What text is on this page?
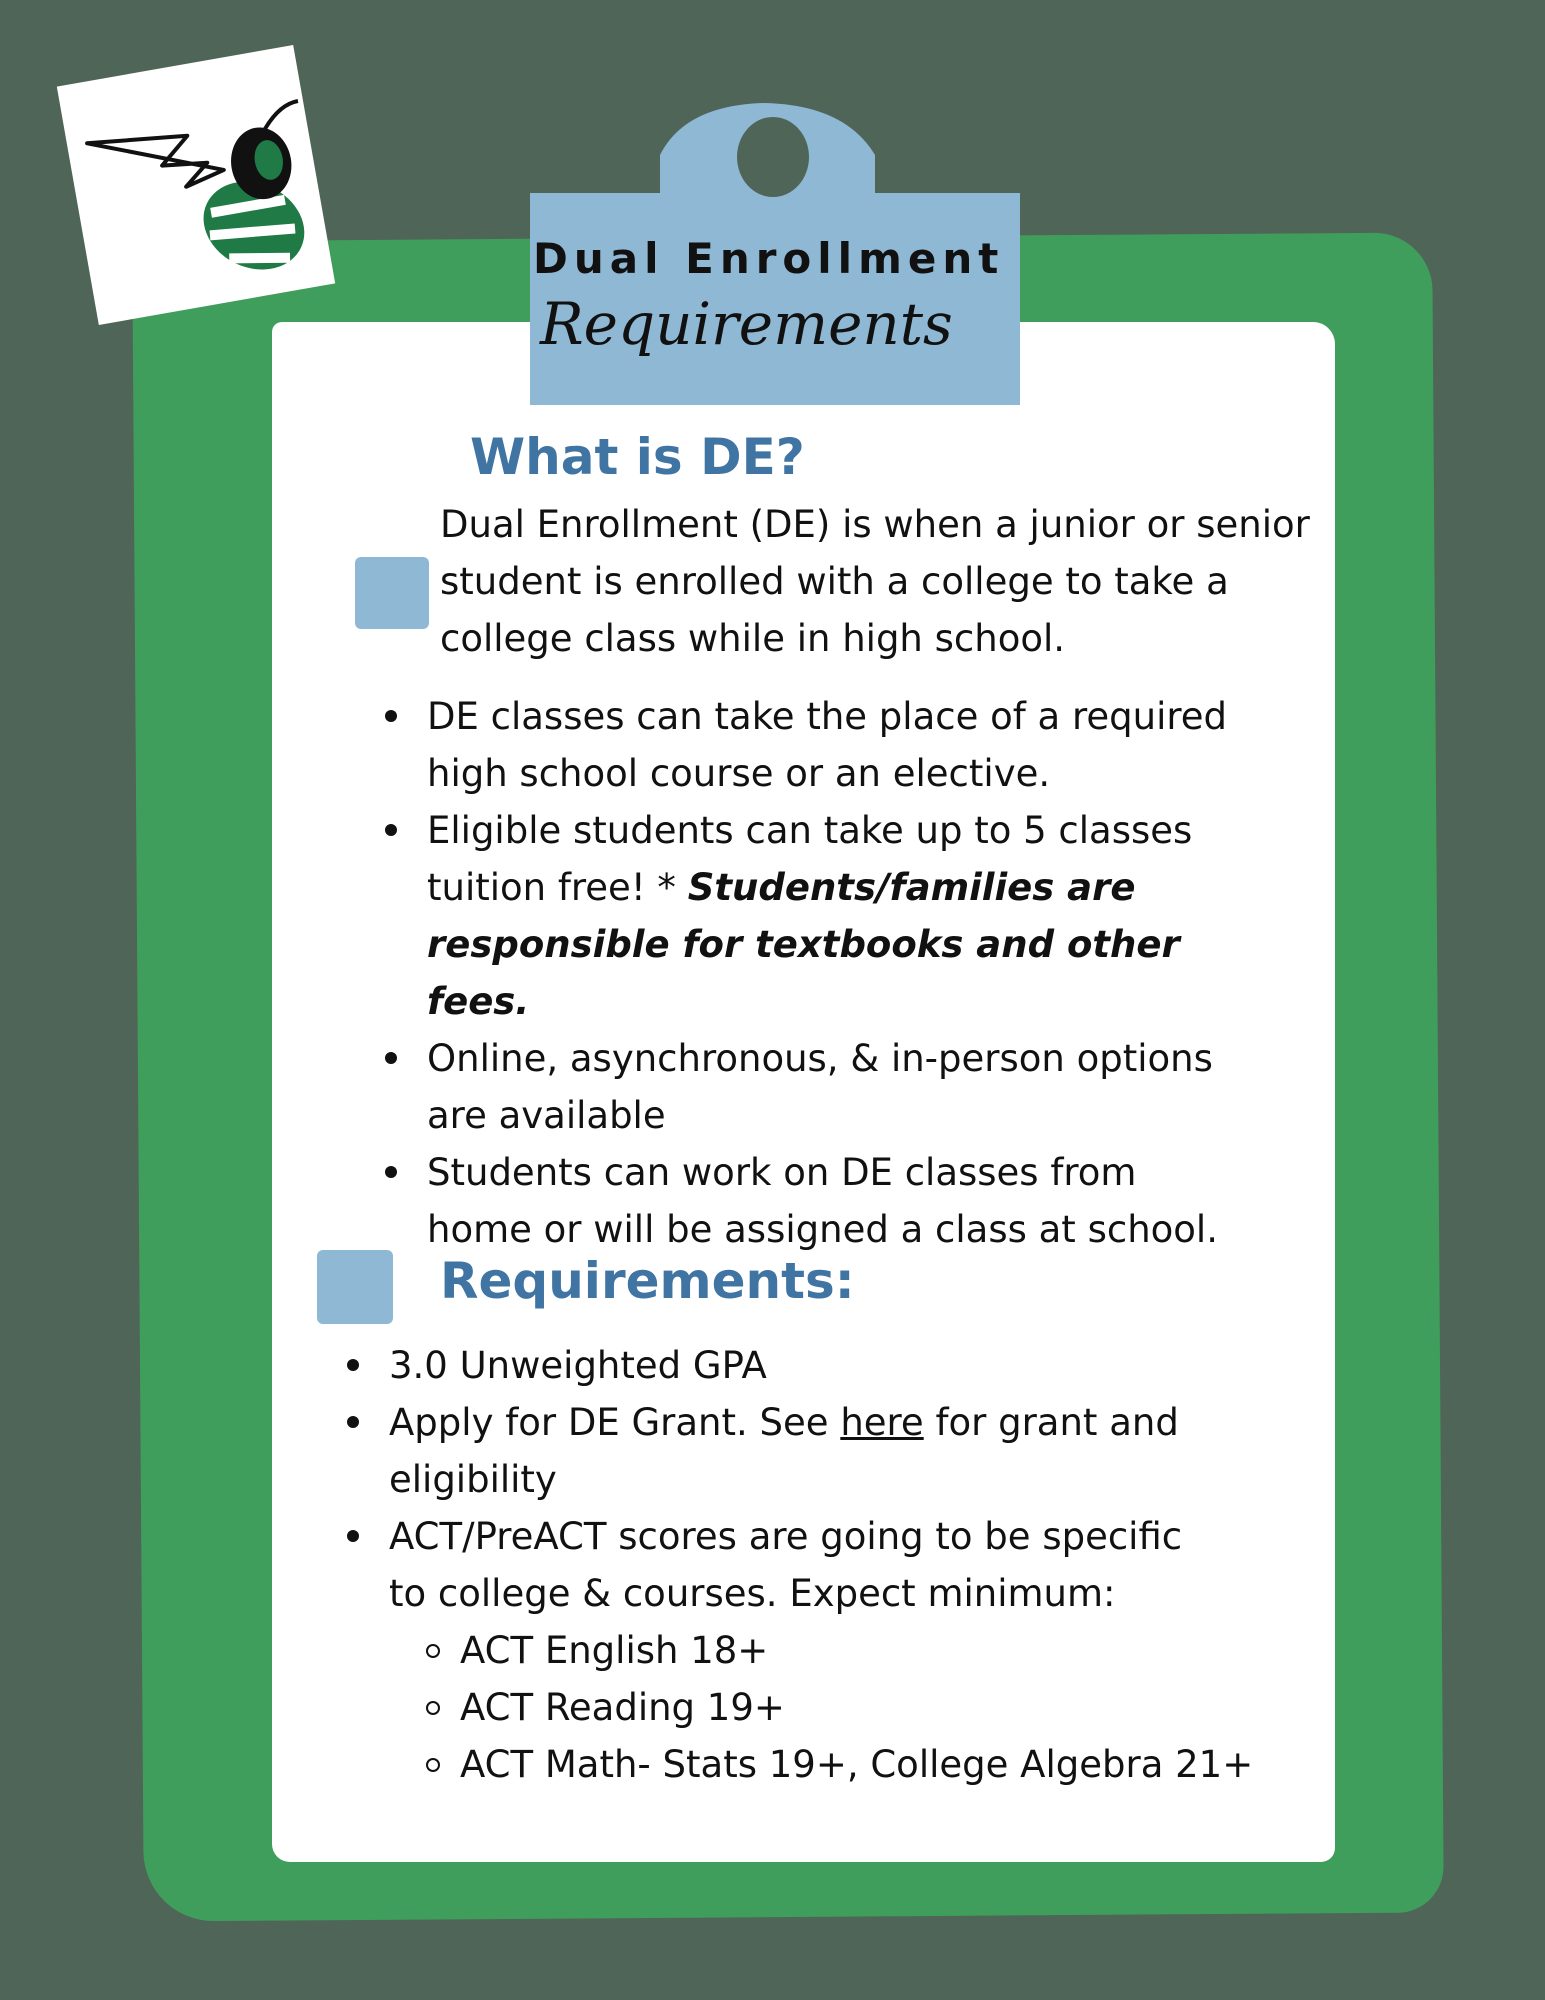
Dual Enrollment
Requirements
What is DE?

Dual Enrollment (DE) is when a junior or senior student is enrolled with a college to take a college class while in high school.

DE classes can take the place of a required high school course or an elective.
Eligible students can take up to 5 classes tuition free! * Students/families are responsible for textbooks and other fees.
Online, asynchronous, & in-person options are available
Students can work on DE classes from home or will be assigned a class at school.
Requirements:
3.0 Unweighted GPA
Apply for DE Grant. See here for grant and eligibility
ACT/PreACT scores are going to be specific to college & courses. Expect minimum:
ACT English 18+
ACT Reading 19+
ACT Math- Stats 19+, College Algebra 21+
